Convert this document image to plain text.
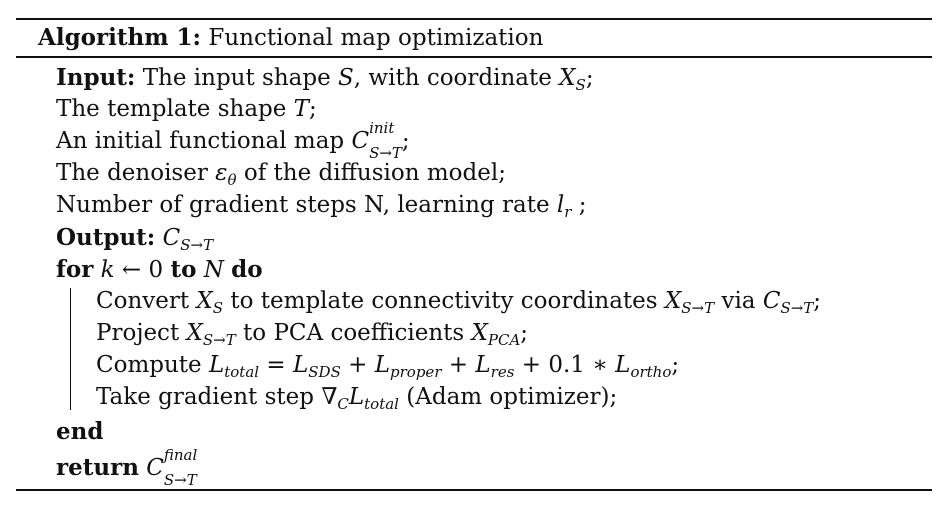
Algorithm 1: Functional map optimization
Input: The input shape S, with coordinate $X_S$;
The template shape T;
An initial functional map C init
S→T;
The denoiser $\varepsilon_\theta$ of the diffusion model;
Number of gradient steps N, learning rate $l_r$ ;
Output: $C_{S\to T}$
for k ← 0 to N do
Convert $X_S$ to template connectivity coordinates $X_{S\to T}$ via $C_{S\to T}$;
Project $X_{S\to T}$ to PCA coefficients $X_{PCA}$;
Compute $L_{total} = L_{SDS} + L_{proper} + L_{res} + 0.1$ ∗ $L_{ortho}$;
Take gradient step $\nabla_CL_{total}$ (Adam optimizer);
end
return C final
S→T
